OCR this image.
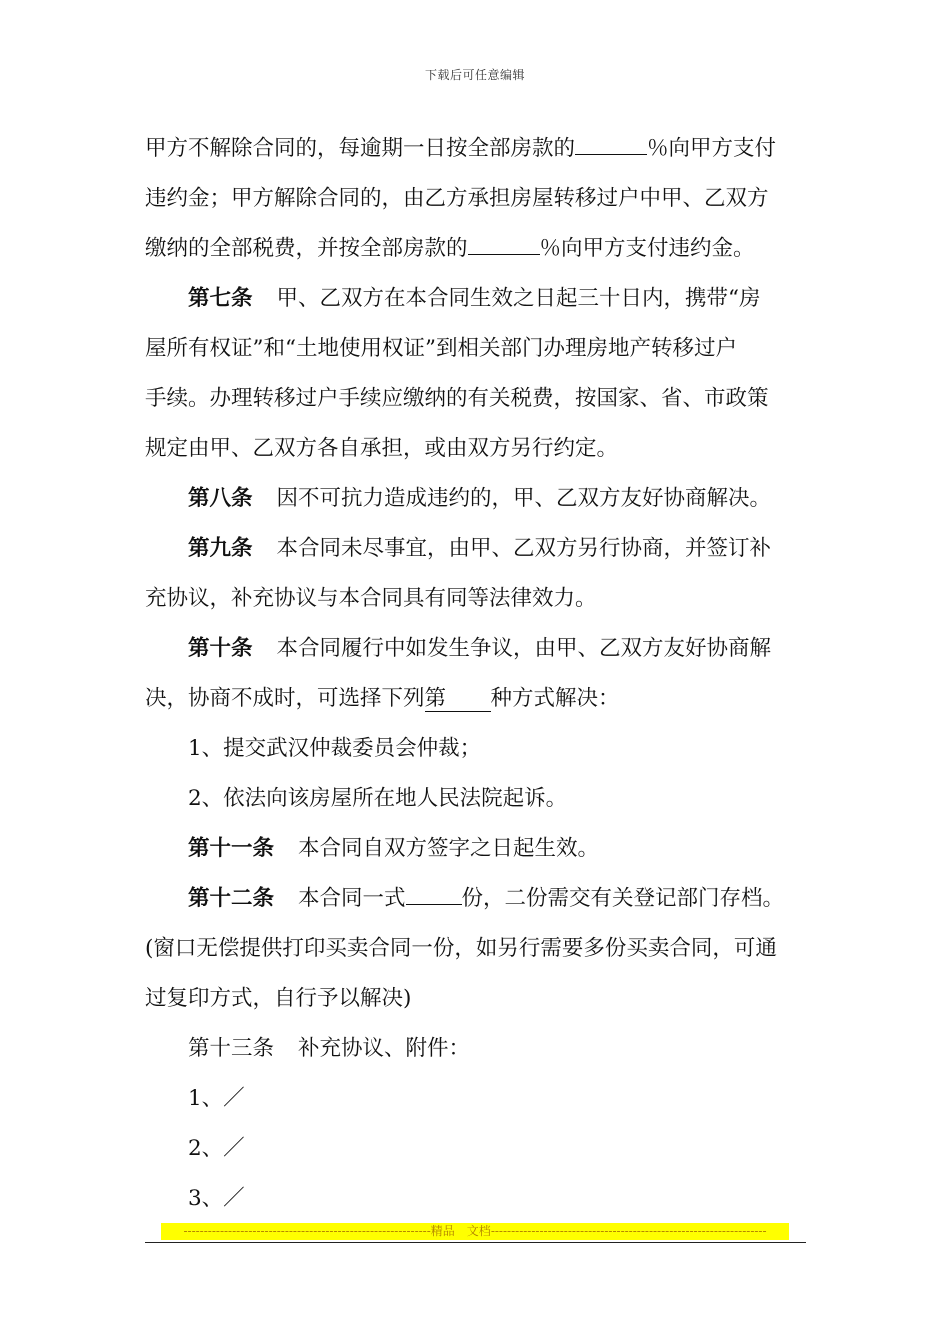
下载后可任意编辑
甲方不解除合同的，每逾期一日按全部房款的	％向甲方支付
违约金；甲方解除合同的，由乙方承担房屋转移过户中甲、乙双方
缴纳的全部税费，并按全部房款的	％向甲方支付违约金。
第七条 甲、乙双方在本合同生效之日起三十日内，携带“房
屋所有权证”和“土地使用权证”到相关部门办理房地产转移过户
手续。办理转移过户手续应缴纳的有关税费，按国家、省、市政策
规定由甲、乙双方各自承担，或由双方另行约定。
第八条 因不可抗力造成违约的，甲、乙双方友好协商解决。
第九条 本合同未尽事宜，由甲、乙双方另行协商，并签订补
充协议，补充协议与本合同具有同等法律效力。
第十条 本合同履行中如发生争议，由甲、乙双方友好协商解
决，协商不成时，可选择下列第 种方式解决：
1、提交武汉仲裁委员会仲裁；
2、依法向该房屋所在地人民法院起诉。
第十一条 本合同自双方签字之日起生效。
第十二条 本合同一式	份，二份需交有关登记部门存档。
(窗口无偿提供打印买卖合同一份，如另行需要多份买卖合同，可通
过复印方式，自行予以解决)
第十三条 补充协议、附件：
1、／
2、／
3、／
-------------------------------------------------------------精品　文档--------------------------------------------------------------------
